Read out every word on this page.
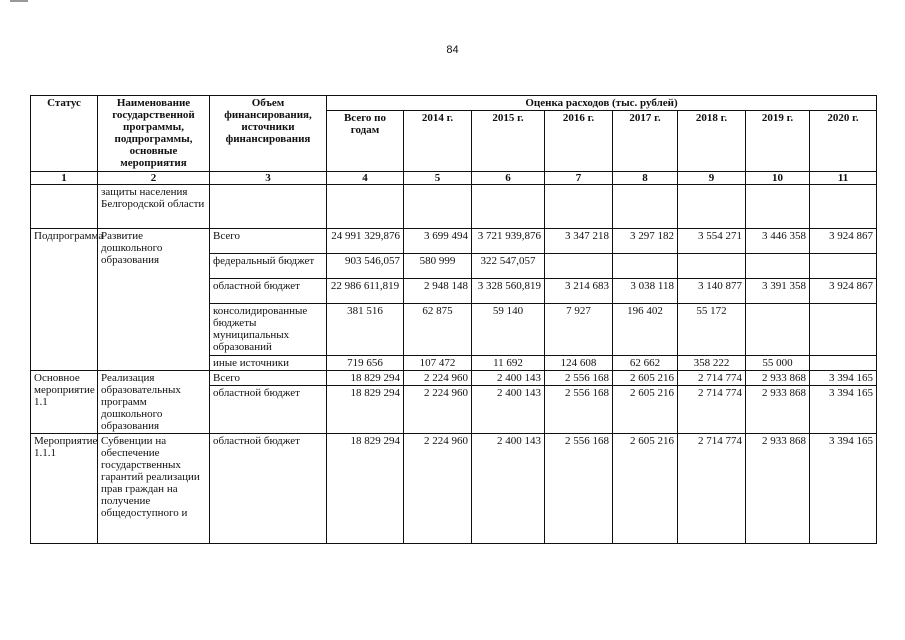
84
Статус	Наименование государственной программы, подпрограммы, основные мероприятия	Объем финансирования, источники финансирования	Оценка расходов (тыс. рублей)							
			Всего по годам	2014 г.	2015 г.	2016 г.	2017 г.	2018 г.	2019 г.	2020 г.
1	2	3	4	5	6	7	8	9	10	11
	защиты населения Белгородской области									
Подпрограмма	Развитие дошкольного образования	Всего	24 991 329,876	3 699 494	3 721 939,876	3 347 218	3 297 182	3 554 271	3 446 358	3 924 867
		федеральный бюджет	903 546,057	580 999	322 547,057					
		областной бюджет	22 986 611,819	2 948 148	3 328 560,819	3 214 683	3 038 118	3 140 877	3 391 358	3 924 867
		консолидированные бюджеты муниципальных образований	381 516	62 875	59 140	7 927	196 402	55 172		
		иные источники	719 656	107 472	11 692	124 608	62 662	358 222	55 000	
Основное мероприятие 1.1	Реализация образовательных программ дошкольного образования	Всего	18 829 294	2 224 960	2 400 143	2 556 168	2 605 216	2 714 774	2 933 868	3 394 165
		областной бюджет	18 829 294	2 224 960	2 400 143	2 556 168	2 605 216	2 714 774	2 933 868	3 394 165
Мероприятие 1.1.1	Субвенции на обеспечение государственных гарантий реализации прав граждан на получение общедоступного и	областной бюджет	18 829 294	2 224 960	2 400 143	2 556 168	2 605 216	2 714 774	2 933 868	3 394 165
